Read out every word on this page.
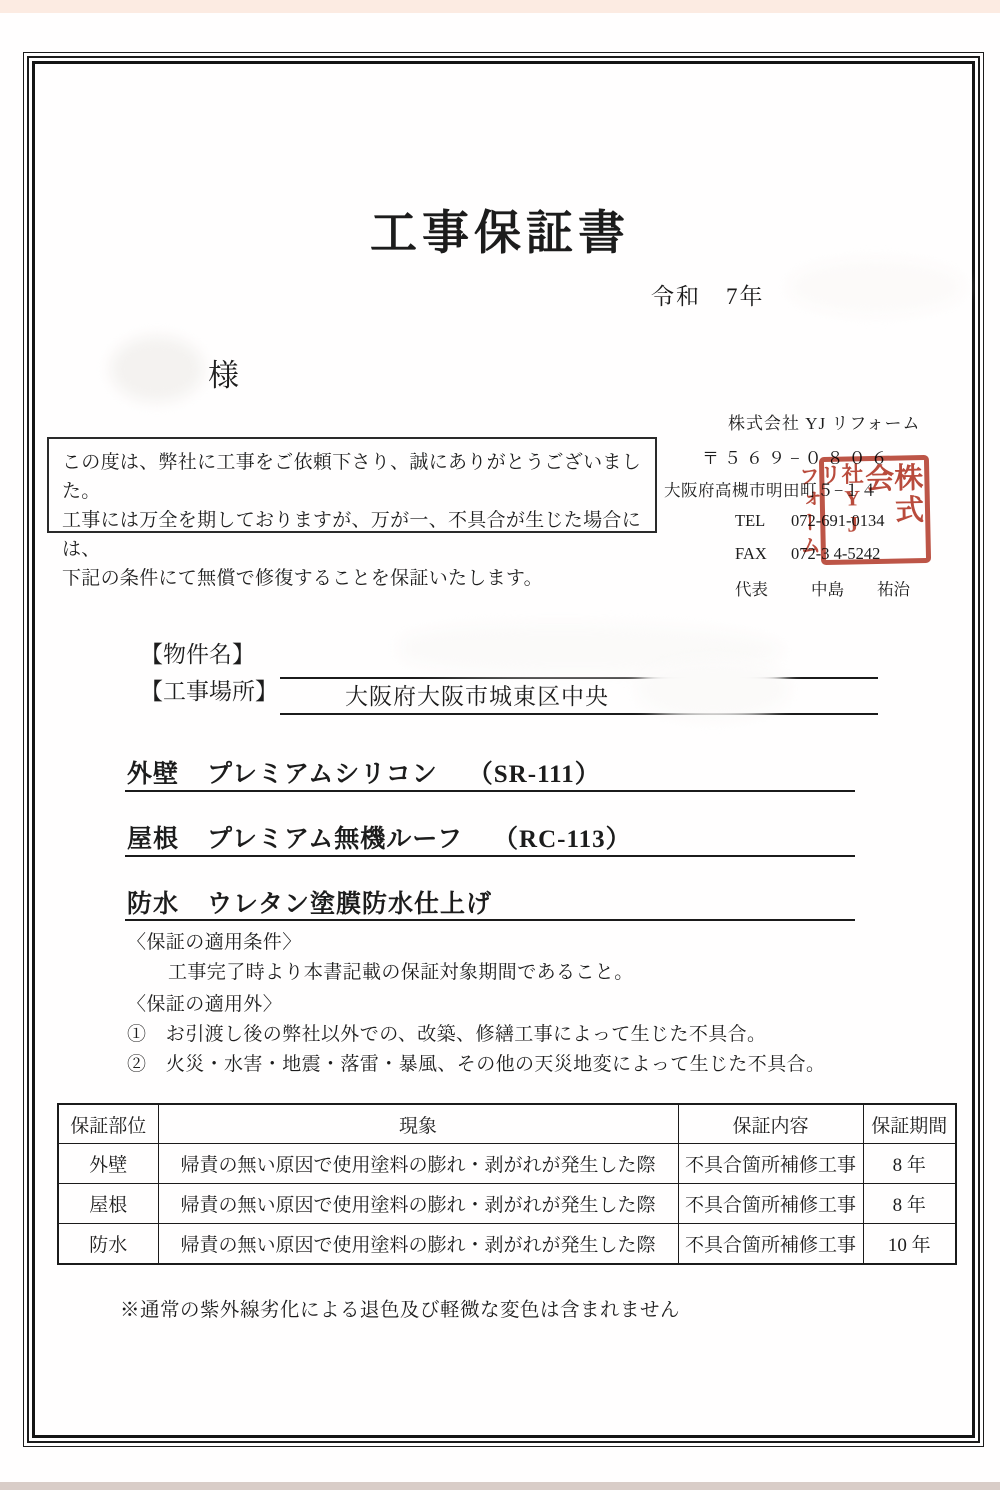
工事保証書
令和　7年
様
この度は、弊社に工事をご依頼下さり、誠にありがとうございました。
工事には万全を期しておりますが、万が一、不具合が生じた場合には、
下記の条件にて無償で修復することを保証いたします。
株式会社 YJ リフォーム
〒５６９−０８０６
大阪府高槻市明田町５−１４
TEL	072-691-0134
FAX	072-3 4-5242
代表	中島　　祐治
株式会
社YJリ
フォーム
【物件名】
【工事場所】	大阪府大阪市城東区中央
外壁 プレミアムシリコン （SR-111）
屋根 プレミアム無機ルーフ （RC-113）
防水 ウレタン塗膜防水仕上げ
〈保証の適用条件〉
工事完了時より本書記載の保証対象期間であること。
〈保証の適用外〉
①　お引渡し後の弊社以外での、改築、修繕工事によって生じた不具合。
②　火災・水害・地震・落雷・暴風、その他の天災地変によって生じた不具合。
保証部位	現象	保証内容	保証期間
外壁	帰責の無い原因で使用塗料の膨れ・剥がれが発生した際	不具合箇所補修工事	8 年
屋根	帰責の無い原因で使用塗料の膨れ・剥がれが発生した際	不具合箇所補修工事	8 年
防水	帰責の無い原因で使用塗料の膨れ・剥がれが発生した際	不具合箇所補修工事	10 年
※通常の紫外線劣化による退色及び軽微な変色は含まれません
